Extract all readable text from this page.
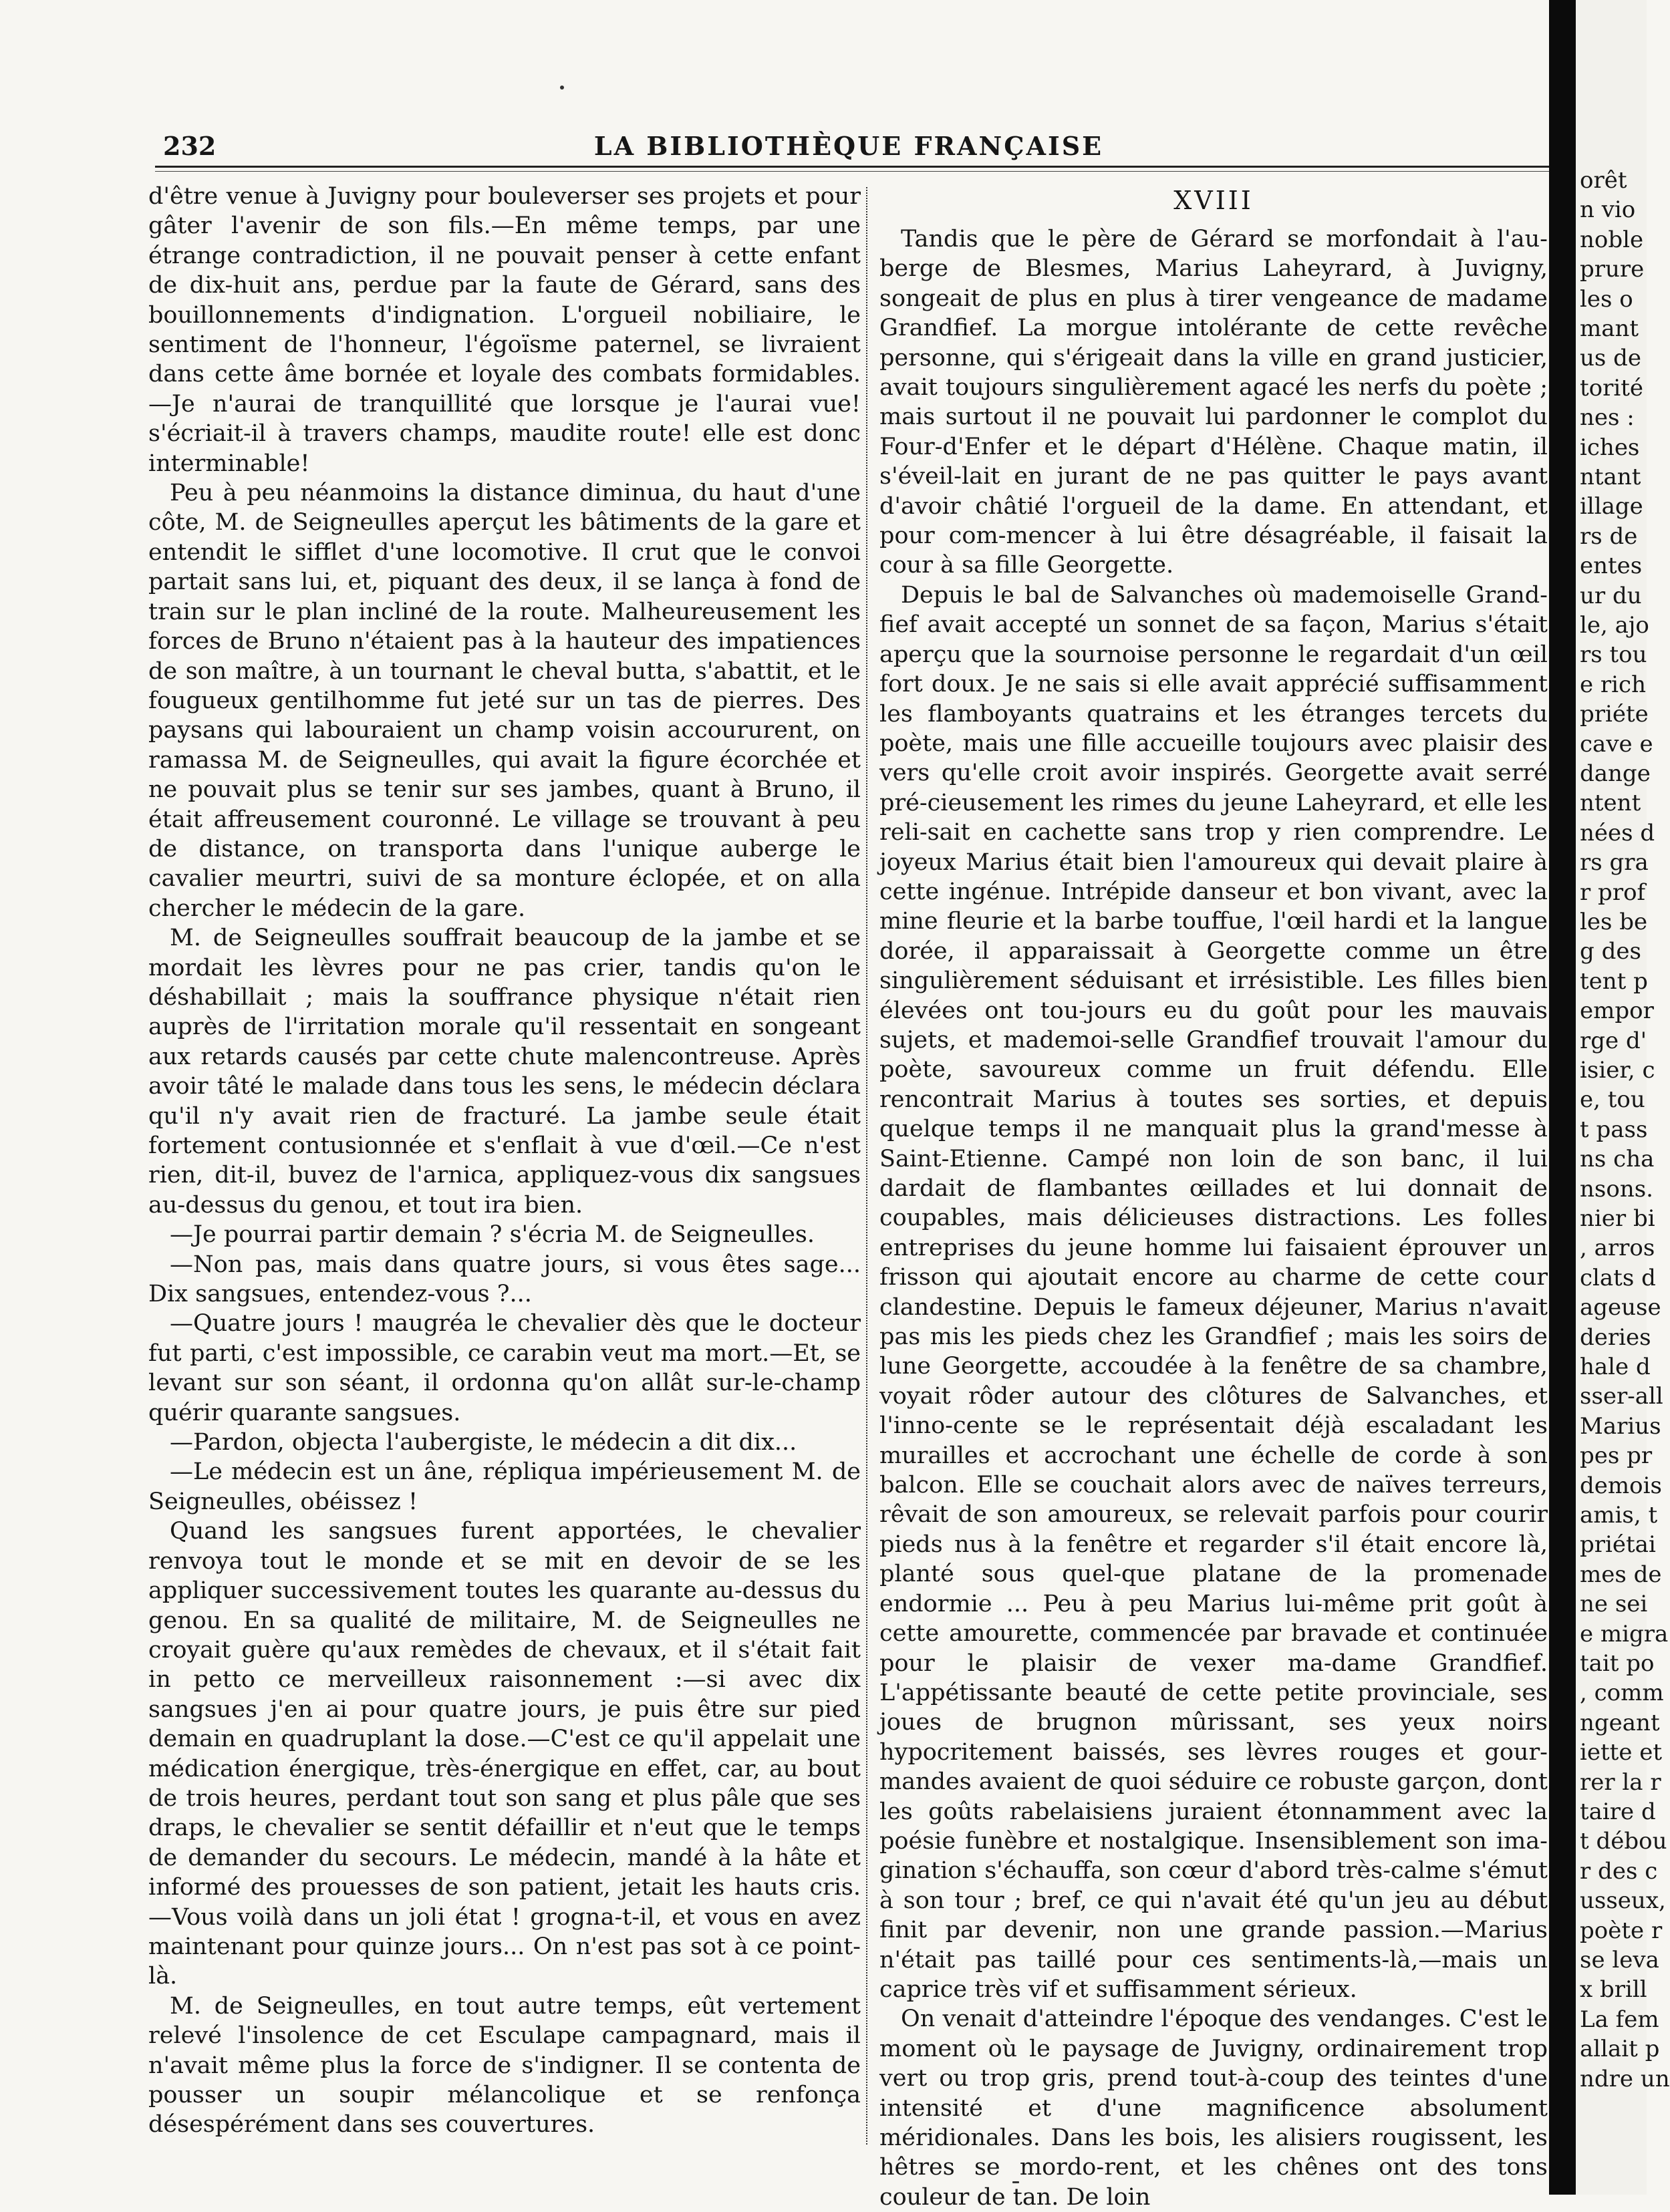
232	LA BIBLIOTHÈQUE FRANÇAISE

d'être venue à Juvigny pour bouleverser ses projets et pour gâter l'avenir de son fils.—En même temps, par une étrange contradiction, il ne pouvait penser à cette enfant de dix-huit ans, perdue par la faute de Gérard, sans des bouillonnements d'indignation. L'orgueil nobiliaire, le sentiment de l'honneur, l'égoïsme paternel, se livraient dans cette âme bornée et loyale des combats formidables.—Je n'aurai de tranquillité que lorsque je l'aurai vue! s'écriait-il à travers champs, maudite route! elle est donc interminable!

Peu à peu néanmoins la distance diminua, du haut d'une côte, M. de Seigneulles aperçut les bâtiments de la gare et entendit le sifflet d'une locomotive. Il crut que le convoi partait sans lui, et, piquant des deux, il se lança à fond de train sur le plan incliné de la route. Malheureusement les forces de Bruno n'étaient pas à la hauteur des impatiences de son maître, à un tournant le cheval butta, s'abattit, et le fougueux gentilhomme fut jeté sur un tas de pierres. Des paysans qui labouraient un champ voisin accoururent, on ramassa M. de Seigneulles, qui avait la figure écorchée et ne pouvait plus se tenir sur ses jambes, quant à Bruno, il était affreusement couronné. Le village se trouvant à peu de distance, on transporta dans l'unique auberge le cavalier meurtri, suivi de sa monture éclopée, et on alla chercher le médecin de la gare.

M. de Seigneulles souffrait beaucoup de la jambe et se mordait les lèvres pour ne pas crier, tandis qu'on le déshabillait ; mais la souffrance physique n'était rien auprès de l'irritation morale qu'il ressentait en songeant aux retards causés par cette chute malencontreuse. Après avoir tâté le malade dans tous les sens, le médecin déclara qu'il n'y avait rien de fracturé. La jambe seule était fortement contusionnée et s'enflait à vue d'œil.—Ce n'est rien, dit-il, buvez de l'arnica, appliquez-vous dix sangsues au-dessus du genou, et tout ira bien.

—Je pourrai partir demain ? s'écria M. de Seigneulles.

—Non pas, mais dans quatre jours, si vous êtes sage... Dix sangsues, entendez-vous ?...

—Quatre jours ! maugréa le chevalier dès que le docteur fut parti, c'est impossible, ce carabin veut ma mort.—Et, se levant sur son séant, il ordonna qu'on allât sur-le-champ quérir quarante sangsues.

—Pardon, objecta l'aubergiste, le médecin a dit dix...

—Le médecin est un âne, répliqua impérieusement M. de Seigneulles, obéissez !

Quand les sangsues furent apportées, le chevalier renvoya tout le monde et se mit en devoir de se les appliquer successivement toutes les quarante au-dessus du genou. En sa qualité de militaire, M. de Seigneulles ne croyait guère qu'aux remèdes de chevaux, et il s'était fait in petto ce merveilleux raisonnement :—si avec dix sangsues j'en ai pour quatre jours, je puis être sur pied demain en quadruplant la dose.—C'est ce qu'il appelait une médication énergique, très-énergique en effet, car, au bout de trois heures, perdant tout son sang et plus pâle que ses draps, le chevalier se sentit défaillir et n'eut que le temps de demander du secours. Le médecin, mandé à la hâte et informé des prouesses de son patient, jetait les hauts cris.—Vous voilà dans un joli état ! grogna-t-il, et vous en avez maintenant pour quinze jours... On n'est pas sot à ce point-là.

M. de Seigneulles, en tout autre temps, eût vertement relevé l'insolence de cet Esculape campagnard, mais il n'avait même plus la force de s'indigner. Il se contenta de pousser un soupir mélancolique et se renfonça désespérément dans ses couvertures.

XVIII

Tandis que le père de Gérard se morfondait à l'au-berge de Blesmes, Marius Laheyrard, à Juvigny, songeait de plus en plus à tirer vengeance de madame Grandfief. La morgue intolérante de cette revêche personne, qui s'érigeait dans la ville en grand justicier, avait toujours singulièrement agacé les nerfs du poète ; mais surtout il ne pouvait lui pardonner le complot du Four-d'Enfer et le départ d'Hélène. Chaque matin, il s'éveil-lait en jurant de ne pas quitter le pays avant d'avoir châtié l'orgueil de la dame. En attendant, et pour com-mencer à lui être désagréable, il faisait la cour à sa fille Georgette.

Depuis le bal de Salvanches où mademoiselle Grand-fief avait accepté un sonnet de sa façon, Marius s'était aperçu que la sournoise personne le regardait d'un œil fort doux. Je ne sais si elle avait apprécié suffisamment les flamboyants quatrains et les étranges tercets du poète, mais une fille accueille toujours avec plaisir des vers qu'elle croit avoir inspirés. Georgette avait serré pré-cieusement les rimes du jeune Laheyrard, et elle les reli-sait en cachette sans trop y rien comprendre. Le joyeux Marius était bien l'amoureux qui devait plaire à cette ingénue. Intrépide danseur et bon vivant, avec la mine fleurie et la barbe touffue, l'œil hardi et la langue dorée, il apparaissait à Georgette comme un être singulièrement séduisant et irrésistible. Les filles bien élevées ont tou-jours eu du goût pour les mauvais sujets, et mademoi-selle Grandfief trouvait l'amour du poète, savoureux comme un fruit défendu. Elle rencontrait Marius à toutes ses sorties, et depuis quelque temps il ne manquait plus la grand'messe à Saint-Etienne. Campé non loin de son banc, il lui dardait de flambantes œillades et lui donnait de coupables, mais délicieuses distractions. Les folles entreprises du jeune homme lui faisaient éprouver un frisson qui ajoutait encore au charme de cette cour clandestine. Depuis le fameux déjeuner, Marius n'avait pas mis les pieds chez les Grandfief ; mais les soirs de lune Georgette, accoudée à la fenêtre de sa chambre, voyait rôder autour des clôtures de Salvanches, et l'inno-cente se le représentait déjà escaladant les murailles et accrochant une échelle de corde à son balcon. Elle se couchait alors avec de naïves terreurs, rêvait de son amoureux, se relevait parfois pour courir pieds nus à la fenêtre et regarder s'il était encore là, planté sous quel-que platane de la promenade endormie ... Peu à peu Marius lui-même prit goût à cette amourette, commencée par bravade et continuée pour le plaisir de vexer ma-dame Grandfief. L'appétissante beauté de cette petite provinciale, ses joues de brugnon mûrissant, ses yeux noirs hypocritement baissés, ses lèvres rouges et gour-mandes avaient de quoi séduire ce robuste garçon, dont les goûts rabelaisiens juraient étonnamment avec la poésie funèbre et nostalgique. Insensiblement son ima-gination s'échauffa, son cœur d'abord très-calme s'émut à son tour ; bref, ce qui n'avait été qu'un jeu au début finit par devenir, non une grande passion.—Marius n'était pas taillé pour ces sentiments-là,—mais un caprice très vif et suffisamment sérieux.

On venait d'atteindre l'époque des vendanges. C'est le moment où le paysage de Juvigny, ordinairement trop vert ou trop gris, prend tout-à-coup des teintes d'une intensité et d'une magnificence absolument méridionales. Dans les bois, les alisiers rougissent, les hêtres se mordo-rent, et les chênes ont des tons couleur de tan. De loin

orêt
n vio
noble
prure
les o
mant
us de
torité
nes :
iches
ntant
illage
rs de
entes
ur du
le, ajo
rs tou
e rich
priéte
cave e
dange
ntent
nées d
rs gra
r prof
les be
g des
tent p
empor
rge d'
isier, c
e, tou
t pass
ns cha
nsons.
nier bi
, arros
clats d
ageuse
deries
hale d
sser-all
Marius
pes pr
demois
amis, t
priétai
mes de
ne sei
e migra
tait po
, comm
ngeant
iette et
rer la r
taire d
t débou
r des c
usseux,
poète r
se leva
x brill
La fem
allait p
ndre un
